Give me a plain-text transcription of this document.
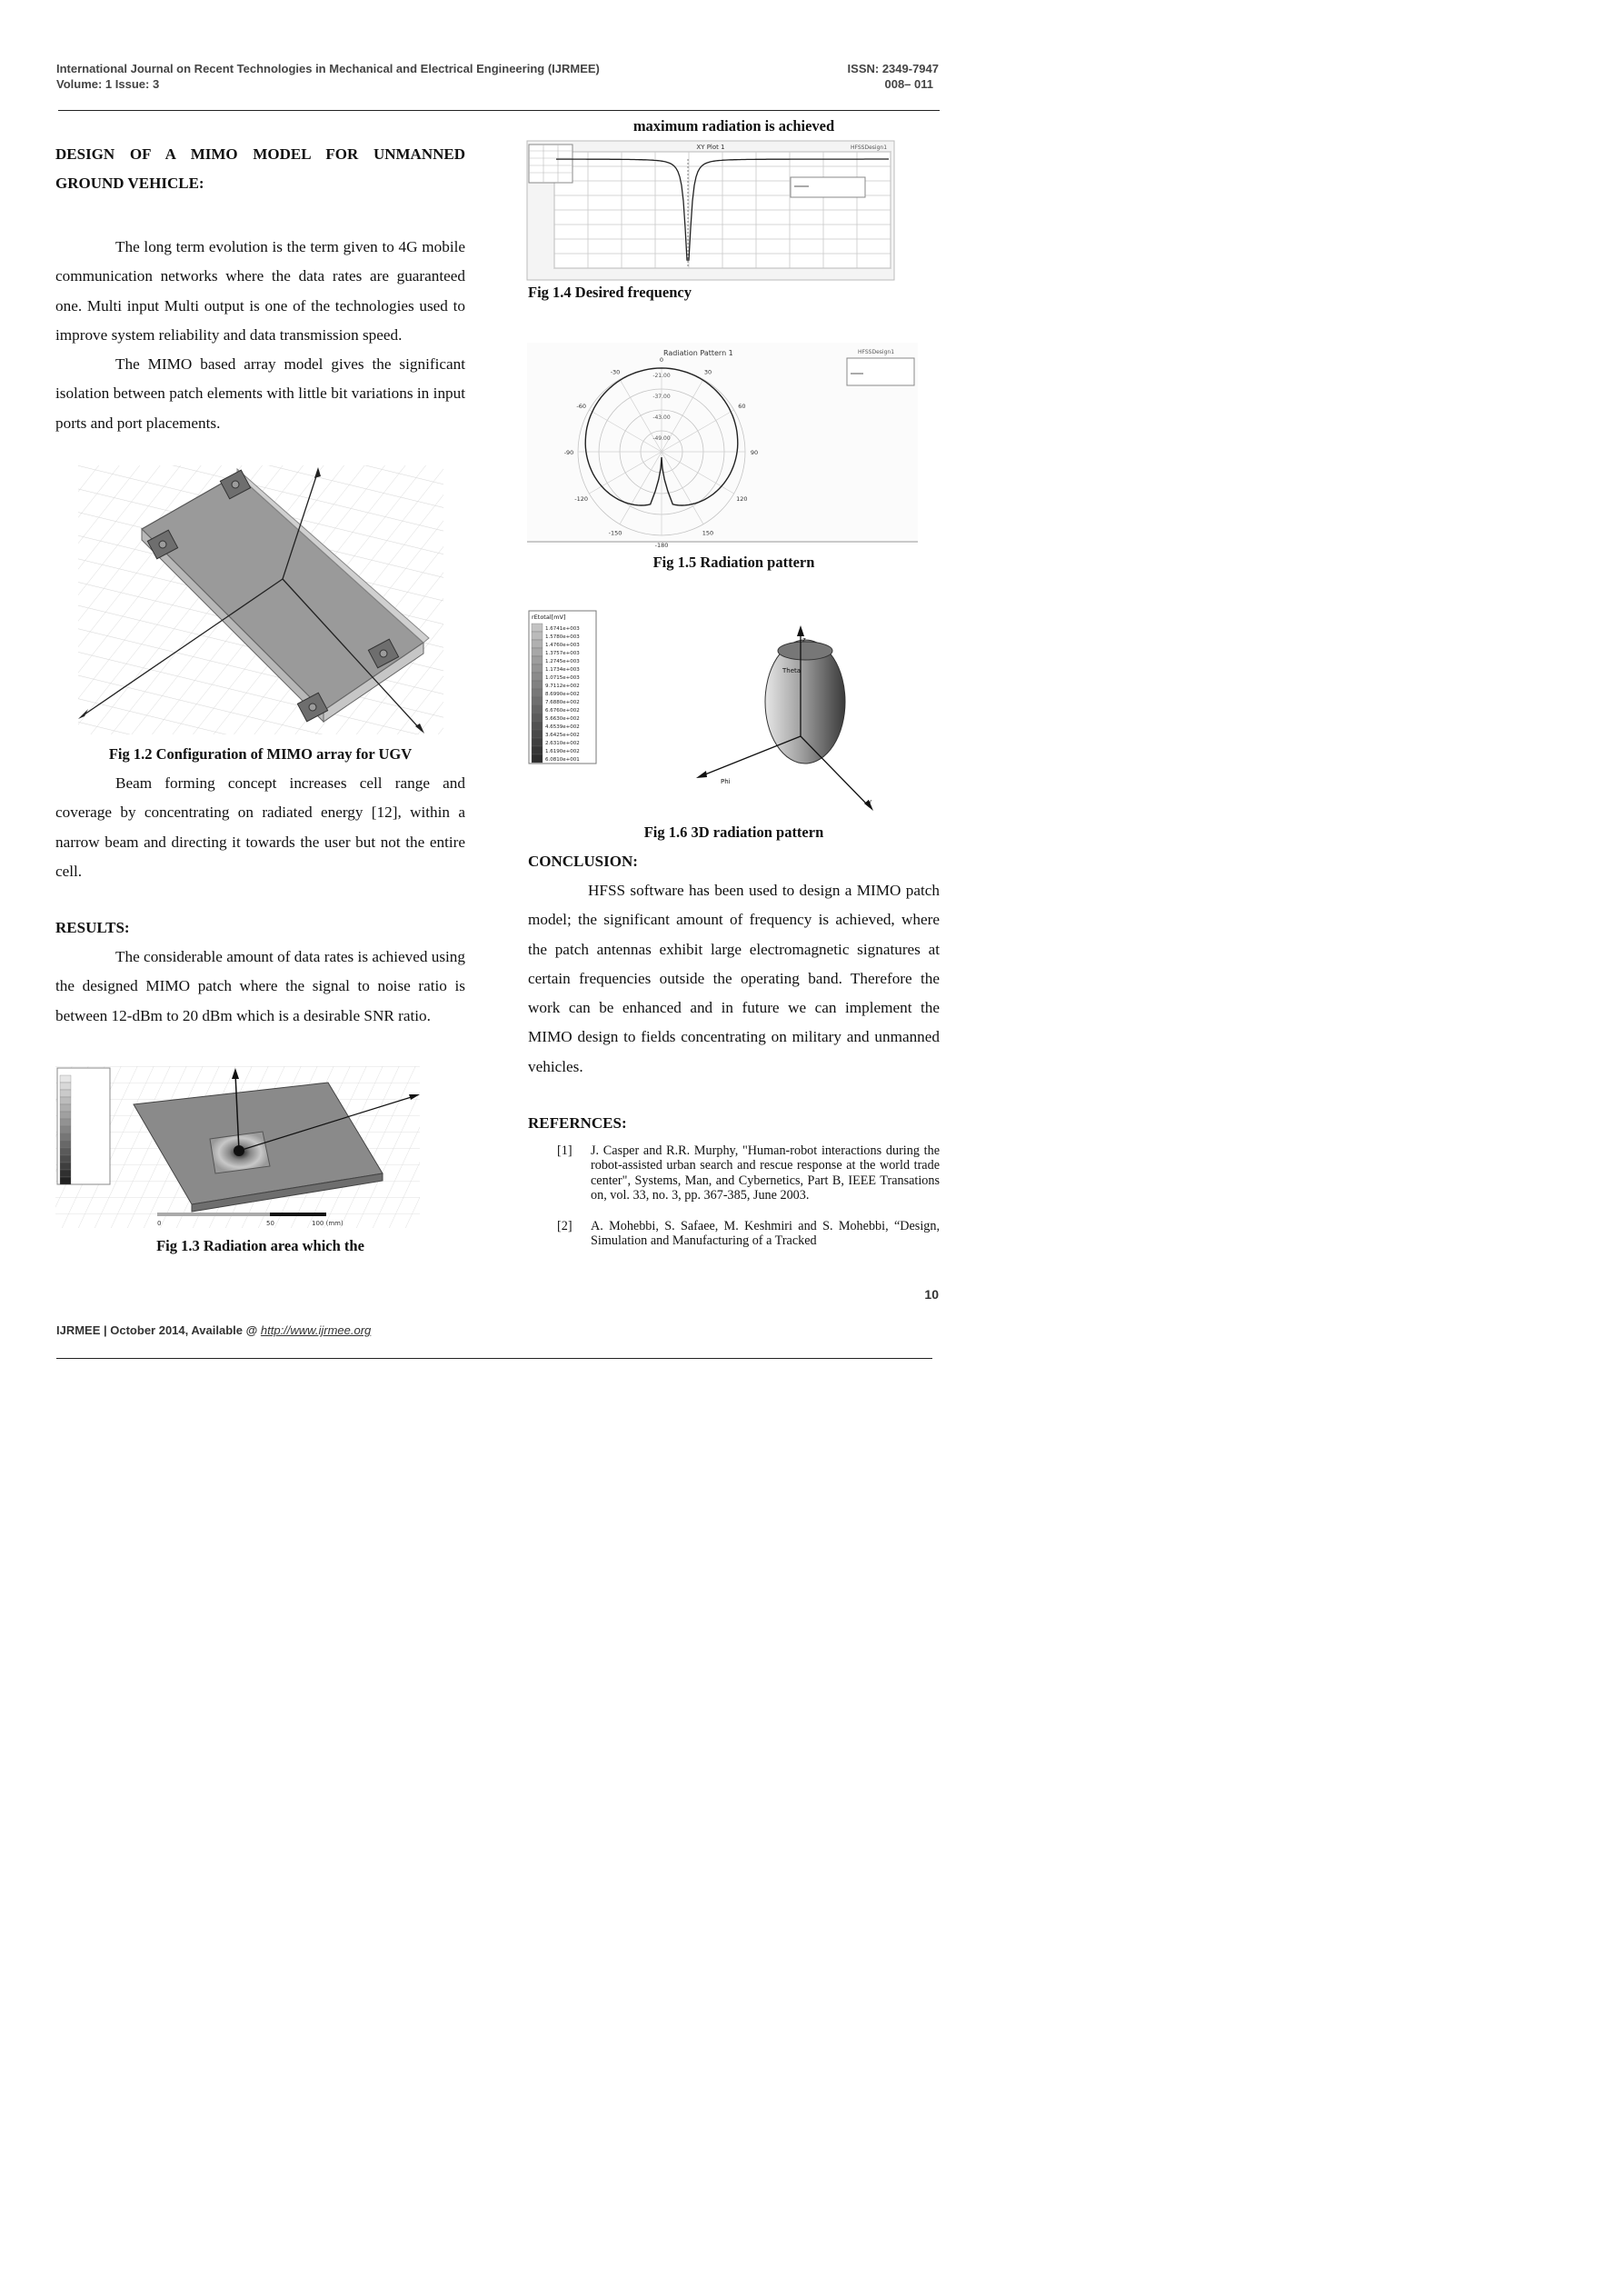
International Journal on Recent Technologies in Mechanical and Electrical Engineering (IJRMEE)
Volume: 1 Issue: 3
ISSN: 2349-7947
008– 011
DESIGN OF A MIMO MODEL FOR UNMANNED GROUND VEHICLE:

The long term evolution is the term given to 4G mobile communication networks where the data rates are guaranteed one. Multi input Multi output is one of the technologies used to improve system reliability and data transmission speed.

The MIMO based array model gives the significant isolation between patch elements with little bit variations in input ports and port placements.

Fig 1.2 Configuration of MIMO array for UGV

Beam forming concept increases cell range and coverage by concentrating on radiated energy [12], within a narrow beam and directing it towards the user but not the entire cell.

RESULTS:

The considerable amount of data rates is achieved using the designed MIMO patch where the signal to noise ratio is between 12-dBm to 20 dBm which is a desirable SNR ratio.

0	50	100 (mm)
Fig 1.3 Radiation area which the
maximum radiation is achieved
XY Plot 1	HFSSDesign1
Fig 1.4 Desired frequency
Radiation Pattern 1	HFSSDesign1
0
-30	30
-60	60
-90	90
-120	120
-150	150
-180
-21.00
-37.00
-43.00
-49.00
Fig 1.5 Radiation pattern
rEtotal[mV]
1.6741e+003
1.5780e+003
1.4760e+003
1.3757e+003
1.2745e+003
1.1734e+003
1.0715e+003
9.7112e+002
8.6990e+002
7.6880e+002
6.6760e+002
5.6630e+002
4.6539e+002
3.6425e+002
2.6310e+002
1.6190e+002
6.0810e+001
z
y
Phi
Theta
Fig 1.6 3D radiation pattern
CONCLUSION:

HFSS software has been used to design a MIMO patch model; the significant amount of frequency is achieved, where the patch antennas exhibit large electromagnetic signatures at certain frequencies outside the operating band. Therefore the work can be enhanced and in future we can implement the MIMO design to fields concentrating on military and unmanned vehicles.

REFERNCES:
[1] J. Casper and R.R. Murphy, "Human-robot interactions during the robot-assisted urban search and rescue response at the world trade center", Systems, Man, and Cybernetics, Part B, IEEE Transations on, vol. 33, no. 3, pp. 367-385, June 2003.
[2] A. Mohebbi, S. Safaee, M. Keshmiri and S. Mohebbi, “Design, Simulation and Manufacturing of a Tracked
10
IJRMEE | October 2014, Available @ http://www.ijrmee.org
